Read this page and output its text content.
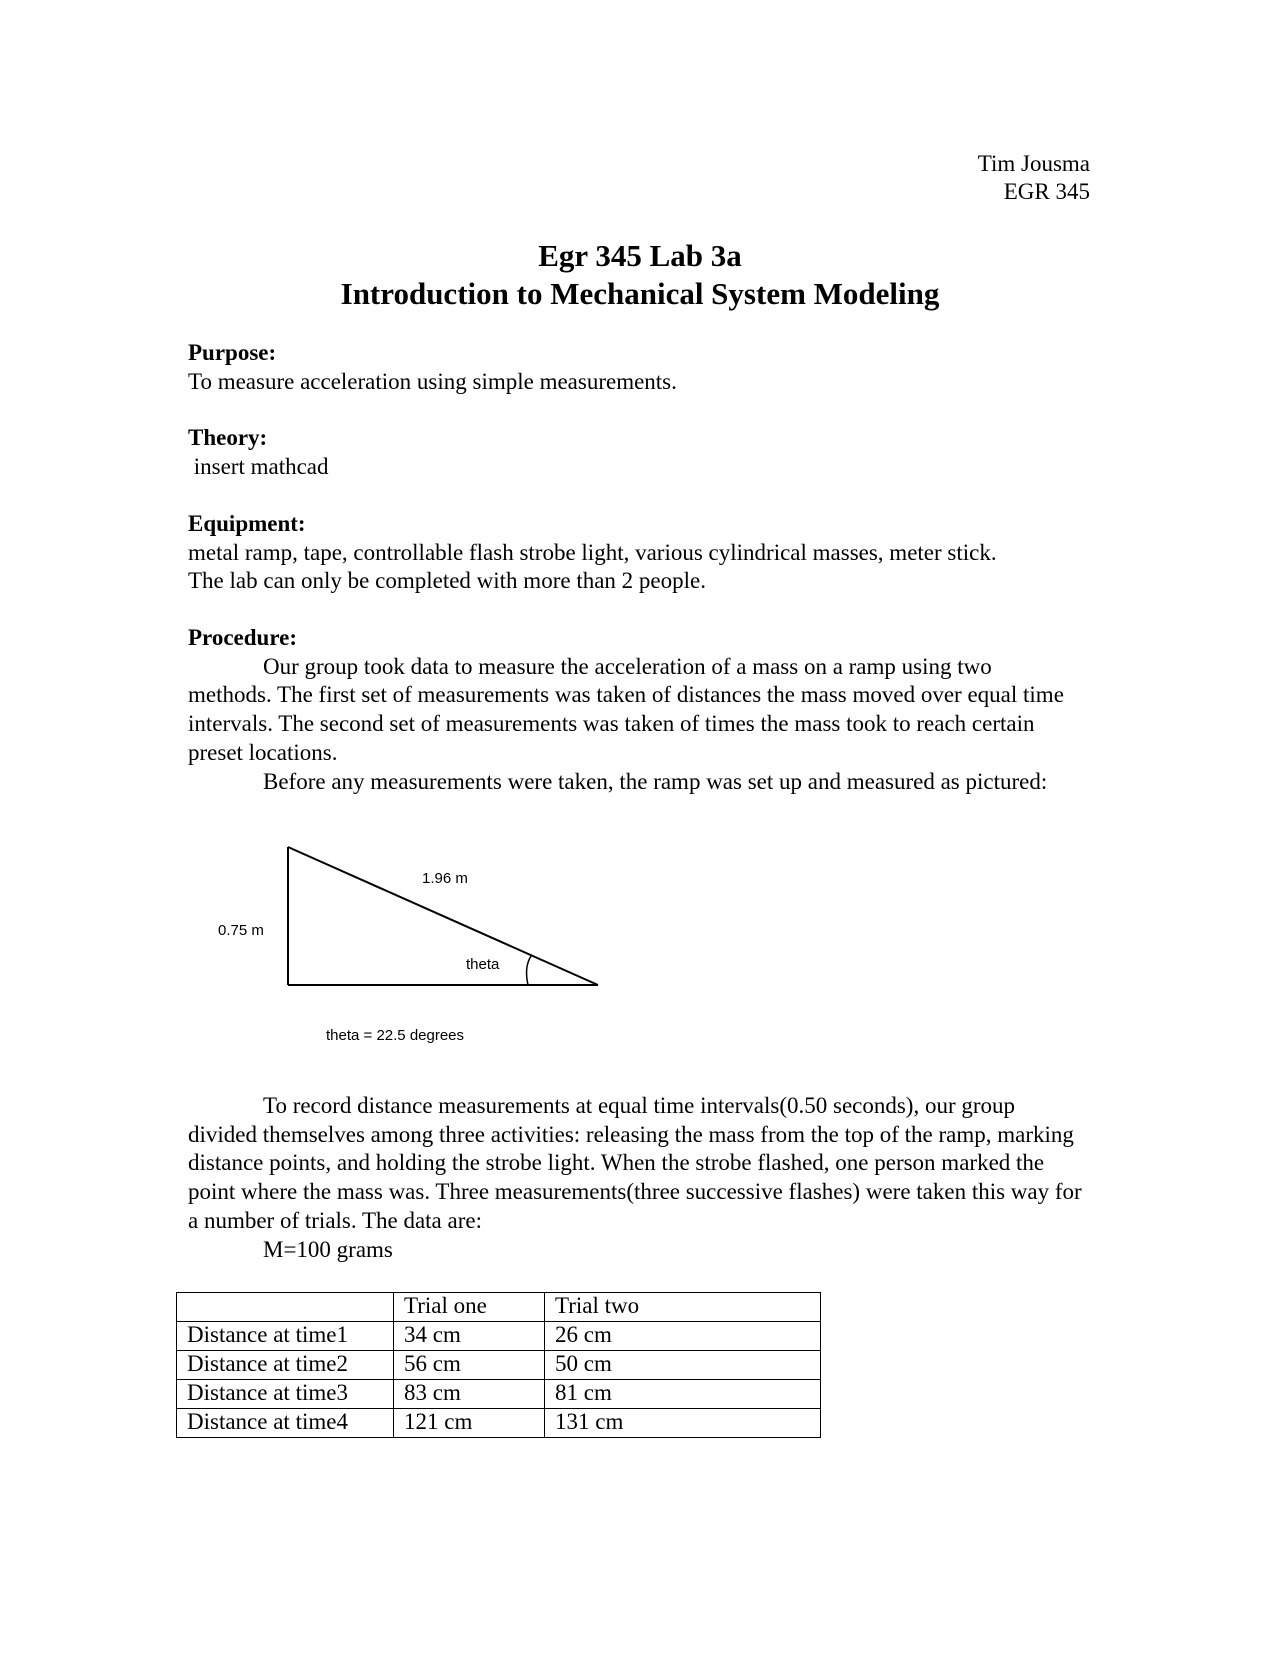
Tim Jousma
EGR 345
Egr 345 Lab 3a
Introduction to Mechanical System Modeling
Purpose:
To measure acceleration using simple measurements.
Theory:
insert mathcad
Equipment:
metal ramp, tape, controllable flash strobe light, various cylindrical masses, meter stick.
The lab can only be completed with more than 2 people.
Procedure:
Our group took data to measure the acceleration of a mass on a ramp using two methods. The first set of measurements was taken of distances the mass moved over equal time intervals. The second set of measurements was taken of times the mass took to reach certain preset locations.
Before any measurements were taken, the ramp was set up and measured as pictured:
1.96 m
0.75 m
theta
theta = 22.5 degrees
To record distance measurements at equal time intervals(0.50 seconds), our group divided themselves among three activities: releasing the mass from the top of the ramp, marking distance points, and holding the strobe light. When the strobe flashed, one person marked the point where the mass was. Three measurements(three successive flashes) were taken this way for a number of trials. The data are:
M=100 grams
	Trial one	Trial two
Distance at time1	34 cm	26 cm
Distance at time2	56 cm	50 cm
Distance at time3	83 cm	81 cm
Distance at time4	121 cm	131 cm
